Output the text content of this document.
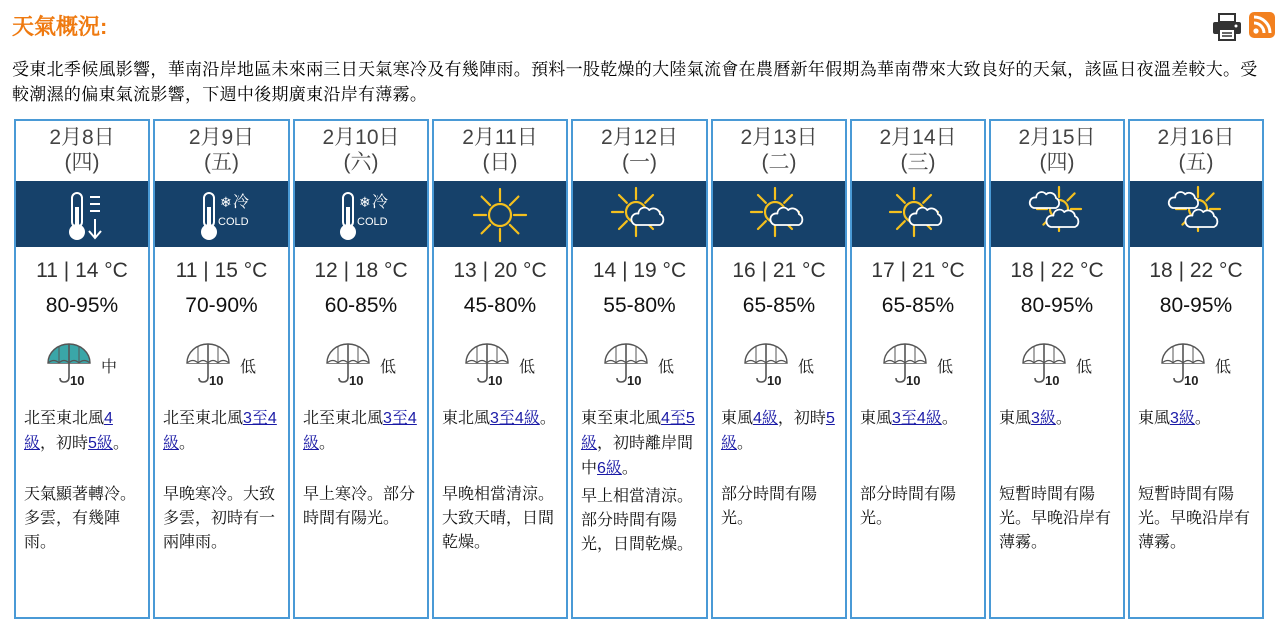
天氣概況:

受東北季候風影響，華南沿岸地區未來兩三日天氣寒冷及有幾陣雨。預料一股乾燥的大陸氣流會在農曆新年假期為華南帶來大致良好的天氣，該區日夜溫差較大。受較潮濕的偏東氣流影響，下週中後期廣東沿岸有薄霧。

2月8日
(四)
11 | 14 °C
80-95%
10
中
北至東北風4級，初時5級。
天氣顯著轉冷。多雲，有幾陣雨。
2月9日
(五)
❄ 冷
COLD
11 | 15 °C
70-90%
10
低
北至東北風3至4級。
早晚寒冷。大致多雲，初時有一兩陣雨。
2月10日
(六)
❄ 冷
COLD
12 | 18 °C
60-85%
10
低
北至東北風3至4級。
早上寒冷。部分時間有陽光。
2月11日
(日)
13 | 20 °C
45-80%
10
低
東北風3至4級。
早晚相當清涼。大致天晴，日間乾燥。
2月12日
(一)
14 | 19 °C
55-80%
10
低
東至東北風4至5級，初時離岸間中6級。
早上相當清涼。部分時間有陽光，日間乾燥。
2月13日
(二)
16 | 21 °C
65-85%
10
低
東風4級，初時5級。
部分時間有陽光。
2月14日
(三)
17 | 21 °C
65-85%
10
低
東風3至4級。
部分時間有陽光。
2月15日
(四)
18 | 22 °C
80-95%
10
低
東風3級。
短暫時間有陽光。早晚沿岸有薄霧。
2月16日
(五)
18 | 22 °C
80-95%
10
低
東風3級。
短暫時間有陽光。早晚沿岸有薄霧。
